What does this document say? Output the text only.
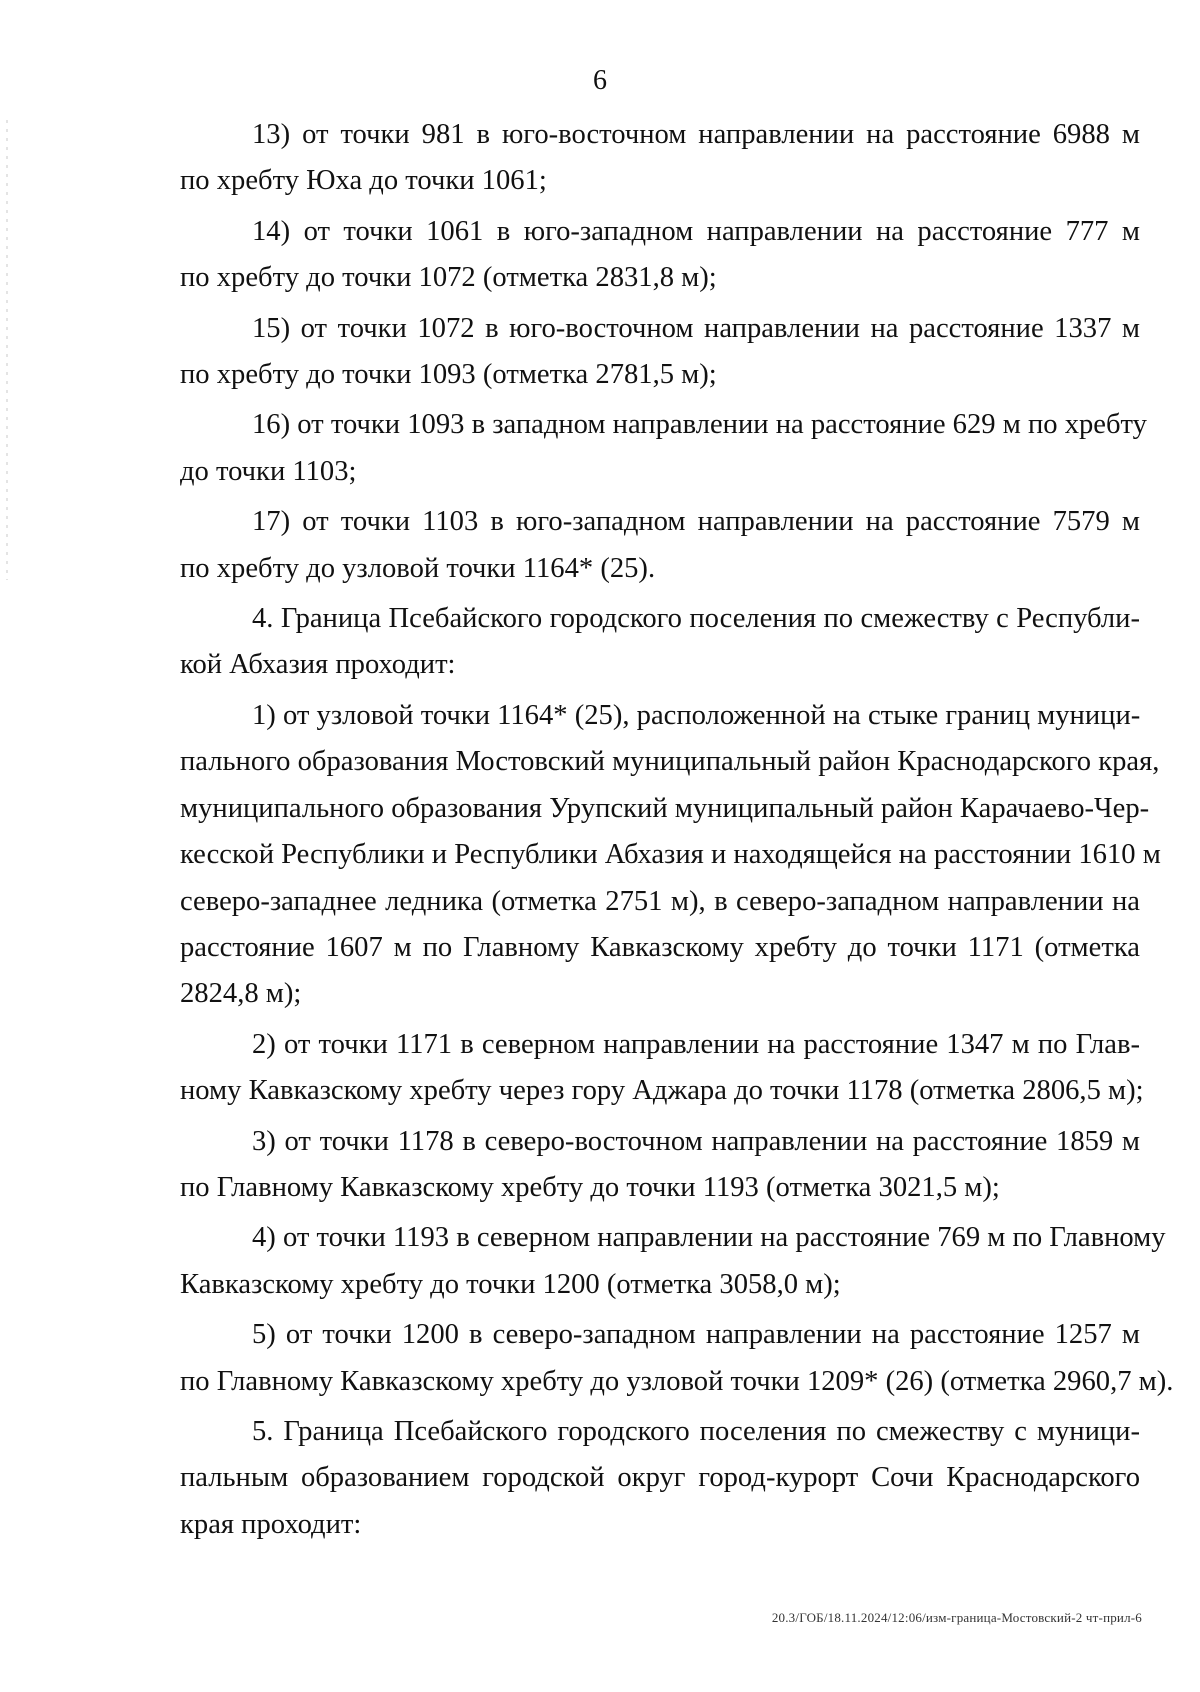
6

13) от точки 981 в юго-восточном направлении на расстояние 6988 м
по хребту Юха до точки 1061;

14) от точки 1061 в юго-западном направлении на расстояние 777 м
по хребту до точки 1072 (отметка 2831,8 м);

15) от точки 1072 в юго-восточном направлении на расстояние 1337 м
по хребту до точки 1093 (отметка 2781,5 м);

16) от точки 1093 в западном направлении на расстояние 629 м по хребту
до точки 1103;

17) от точки 1103 в юго-западном направлении на расстояние 7579 м
по хребту до узловой точки 1164* (25).

4. Граница Псебайского городского поселения по смежеству с Республи-
кой Абхазия проходит:

1) от узловой точки 1164* (25), расположенной на стыке границ муници-
пального образования Мостовский муниципальный район Краснодарского края,
муниципального образования Урупский муниципальный район Карачаево-Чер-
кесской Республики и Республики Абхазия и находящейся на расстоянии 1610 м
северо-западнее ледника (отметка 2751 м), в северо-западном направлении на
расстояние 1607 м по Главному Кавказскому хребту до точки 1171 (отметка
2824,8 м);

2) от точки 1171 в северном направлении на расстояние 1347 м по Глав-
ному Кавказскому хребту через гору Аджара до точки 1178 (отметка 2806,5 м);

3) от точки 1178 в северо-восточном направлении на расстояние 1859 м
по Главному Кавказскому хребту до точки 1193 (отметка 3021,5 м);

4) от точки 1193 в северном направлении на расстояние 769 м по Главному
Кавказскому хребту до точки 1200 (отметка 3058,0 м);

5) от точки 1200 в северо-западном направлении на расстояние 1257 м
по Главному Кавказскому хребту до узловой точки 1209* (26) (отметка 2960,7 м).

5. Граница Псебайского городского поселения по смежеству с муници-
пальным образованием городской округ город-курорт Сочи Краснодарского
края проходит:

20.3/ГОБ/18.11.2024/12:06/изм-граница-Мостовский-2 чт-прил-6
